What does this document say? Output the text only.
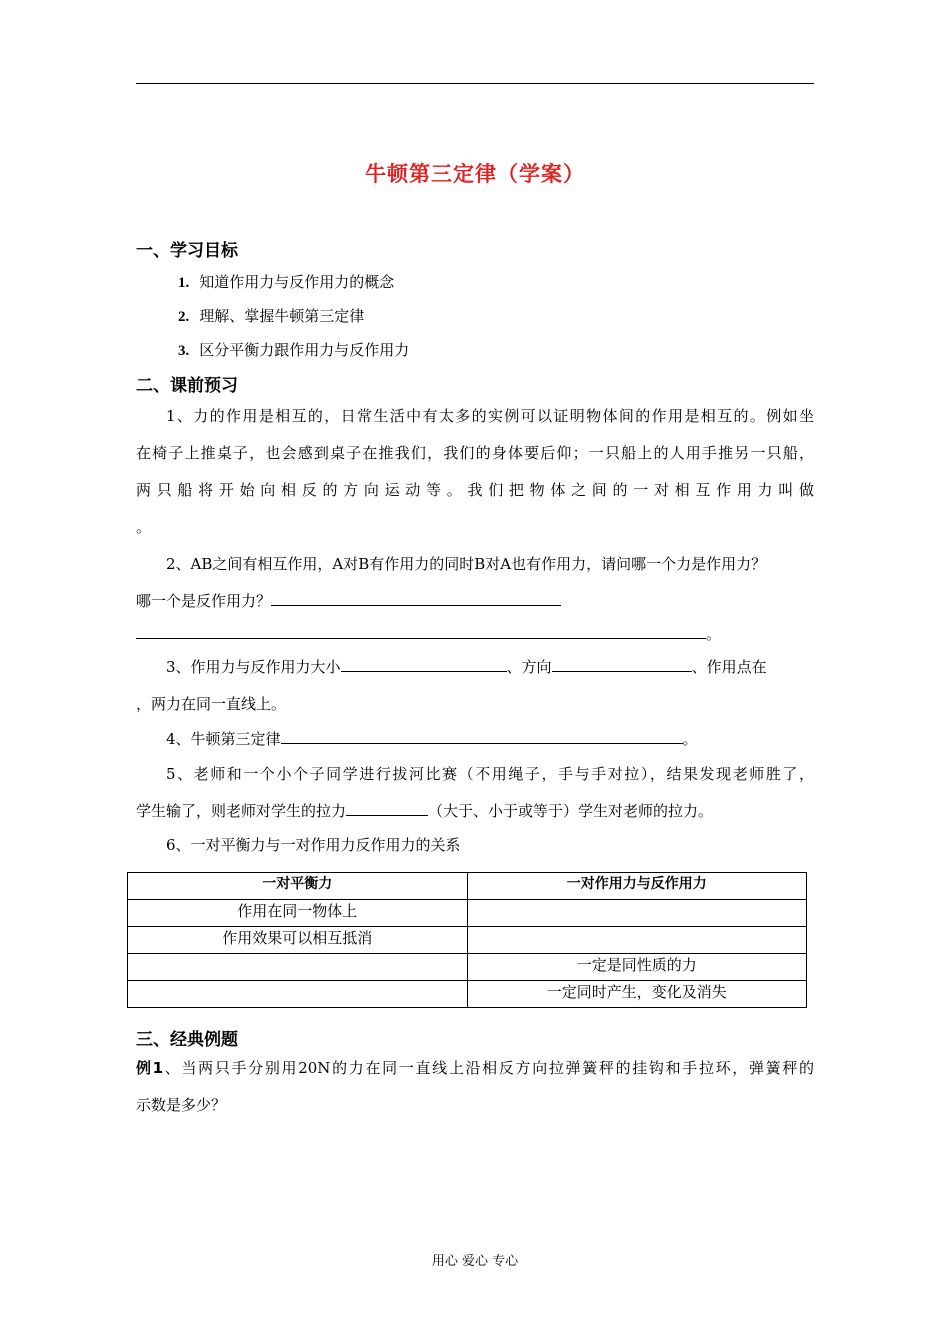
牛顿第三定律（学案）
一、学习目标
1. 知道作用力与反作用力的概念
2. 理解、掌握牛顿第三定律
3. 区分平衡力跟作用力与反作用力
二、课前预习
1、力的作用是相互的，日常生活中有太多的实例可以证明物体间的作用是相互的。例如坐
在椅子上推桌子，也会感到桌子在推我们，我们的身体要后仰；一只船上的人用手推另一只船，
两只船将开始向相反的方向运动等。我们把物体之间的一对相互作用力叫做
。
2、AB之间有相互作用，A对B有作用力的同时B对A也有作用力，请问哪一个力是作用力？
哪一个是反作用力？
。
3、作用力与反作用力大小	、方向	、作用点在
，两力在同一直线上。
4、牛顿第三定律	。
5、老师和一个小个子同学进行拔河比赛（不用绳子，手与手对拉），结果发现老师胜了，
学生输了，则老师对学生的拉力	（大于、小于或等于）学生对老师的拉力。
6、一对平衡力与一对作用力反作用力的关系
一对平衡力	一对作用力与反作用力
作用在同一物体上	
作用效果可以相互抵消	
	一定是同性质的力
	一定同时产生，变化及消失
三、经典例题
例1、当两只手分别用20N的力在同一直线上沿相反方向拉弹簧秤的挂钩和手拉环，弹簧秤的
示数是多少？
用心 爱心 专心
